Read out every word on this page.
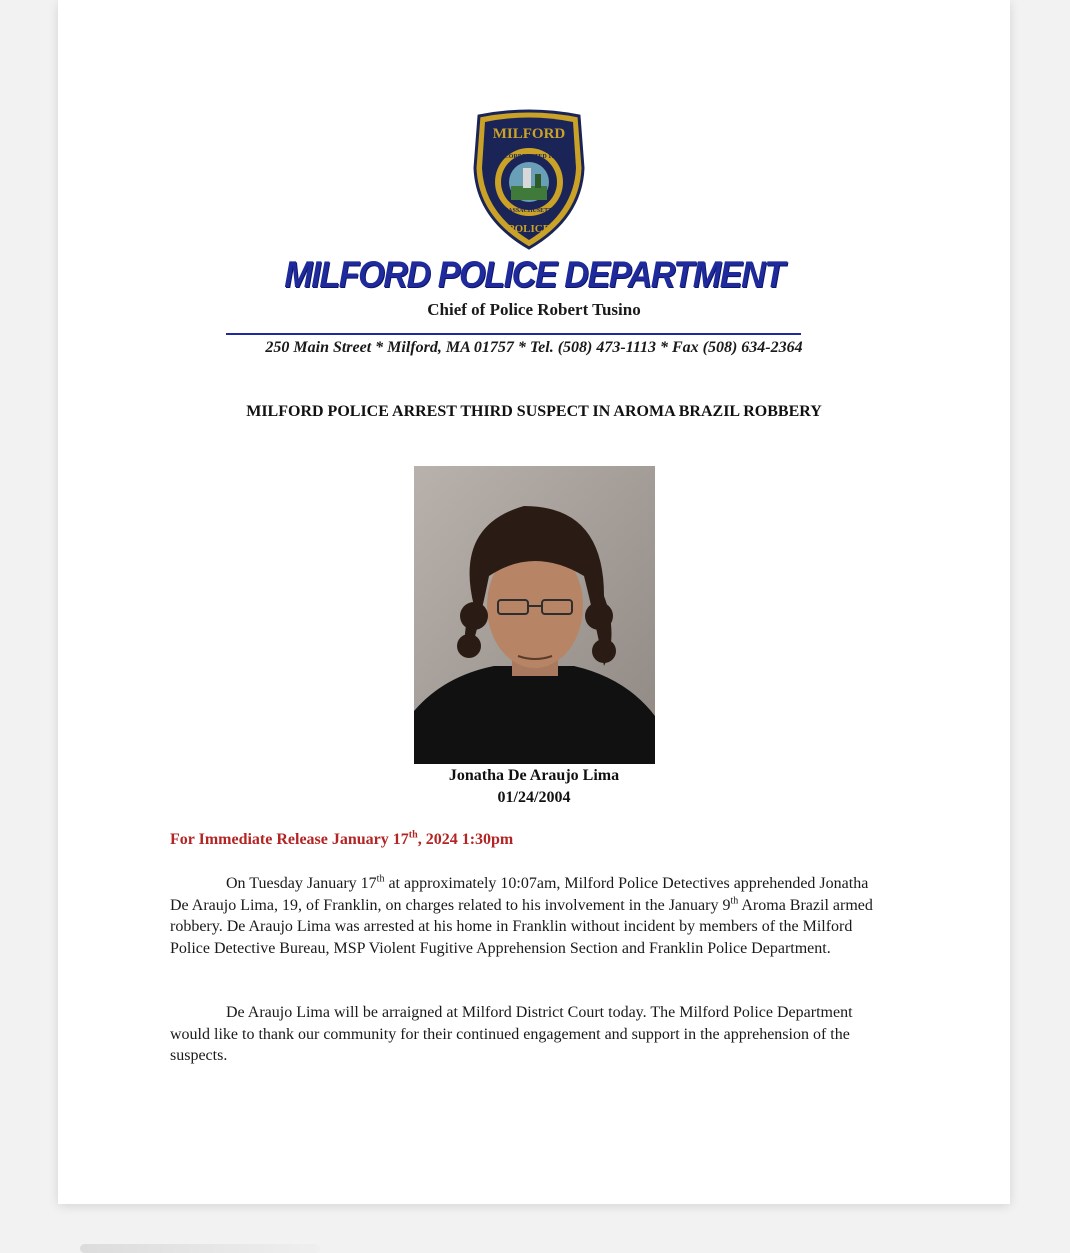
MILFORD
INCORPORATED 1780
MASSACHUSETTS
POLICE
MILFORD POLICE DEPARTMENT
Chief of Police Robert Tusino
250 Main Street * Milford, MA 01757 * Tel. (508) 473-1113 * Fax (508) 634-2364
MILFORD POLICE ARREST THIRD SUSPECT IN AROMA BRAZIL ROBBERY
Jonatha De Araujo Lima
01/24/2004
For Immediate Release January 17th, 2024 1:30pm

On Tuesday January 17th at approximately 10:07am, Milford Police Detectives apprehended Jonatha De Araujo Lima, 19, of Franklin, on charges related to his involvement in the January 9th Aroma Brazil armed robbery. De Araujo Lima was arrested at his home in Franklin without incident by members of the Milford Police Detective Bureau, MSP Violent Fugitive Apprehension Section and Franklin Police Department.

De Araujo Lima will be arraigned at Milford District Court today. The Milford Police Department would like to thank our community for their continued engagement and support in the apprehension of the suspects.
